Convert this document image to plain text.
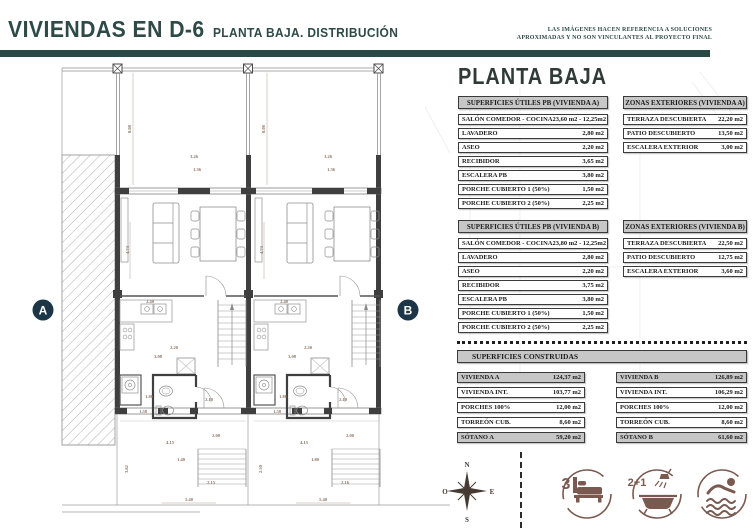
VIVIENDAS EN D-6 PLANTA BAJA. DISTRIBUCIÓN	LAS IMÁGENES HACEN REFERENCIA A SOLUCIONES
APROXIMADAS Y NO SON VINCULANTES AL PROYECTO FINAL
8.08	8.08
3.26
1.36
3.26
1.36
4.74	4.74
2.40	2.40
3.08
2.20
3.08
2.20
1.86
1.58
1.86
1.58
2.00	2.00
1.40	1.80
2.15	2.16
3.62	2.50
5.40	5.40
4.15	4.15
2.10	2.10
A	B
PLANTA BAJA
SUPERFICIES ÚTILES PB (VIVIENDA A)
SALÓN COMEDOR - COCINA 23,60 m2 - 12,25m2
LAVADERO	2,80 m2
ASEO	2,20 m2
RECIBIDOR	3,65 m2
ESCALERA PB	3,80 m2
PORCHE CUBIERTO 1 (50%)	1,50 m2
PORCHE CUBIERTO 2 (50%)	2,25 m2
ZONAS EXTERIORES (VIVIENDA A)
TERRAZA DESCUBIERTA 22,20 m2
PATIO DESCUBIERTO	13,50 m2
ESCALERA EXTERIOR	3,00 m2
SUPERFICIES ÚTILES PB (VIVIENDA B)
SALÓN COMEDOR - COCINA 23,80 m2 - 12,25m2
LAVADERO	2,80 m2
ASEO	2,20 m2
RECIBIDOR	3,75 m2
ESCALERA PB	3,80 m2
PORCHE CUBIERTO 1 (50%)	1,50 m2
PORCHE CUBIERTO 2 (50%)	2,25 m2
ZONAS EXTERIORES (VIVIENDA B)
TERRAZA DESCUBIERTA 22,50 m2
PATIO DESCUBIERTO	12,75 m2
ESCALERA EXTERIOR	3,60 m2
SUPERFICIES CONSTRUIDAS
VIVIENDA A	124,37 m2
VIVIENDA INT.	103,77 m2
PORCHES 100%	12,00 m2
TORREÓN CUB.	8,60 m2
SÓTANO A	59,20 m2
VIVIENDA B	126,89 m2
VIVIENDA INT.	106,29 m2
PORCHES 100%	12,00 m2
TORREÓN CUB.	8,60 m2
SÓTANO B	61,60 m2
N
E
S
O	3	2+1
